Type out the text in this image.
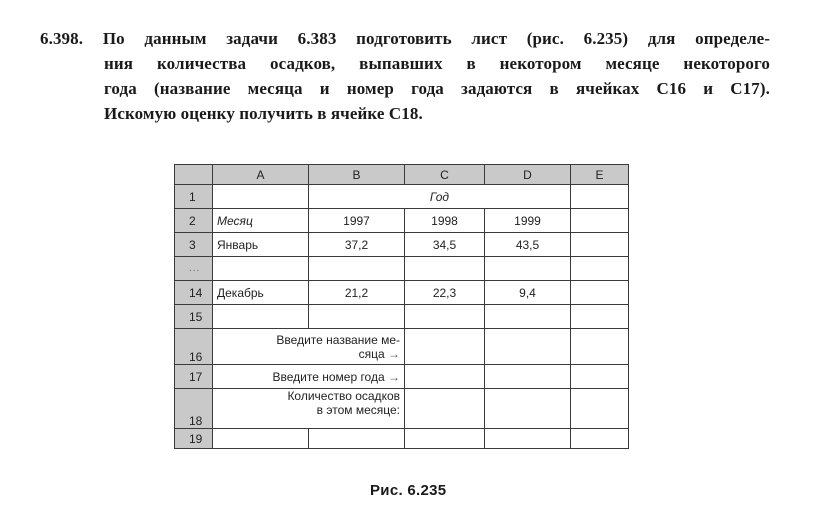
6.398. По данным задачи 6.383 подготовить лист (рис. 6.235) для определе-
ния количества осадков, выпавших в некотором месяце некоторого
года (название месяца и номер года задаются в ячейках C16 и C17).
Искомую оценку получить в ячейке C18.
	A	B	C	D	E
1		Год			
2	Месяц	1997	1998	1999	
3	Январь	37,2	34,5	43,5	
...					
14	Декабрь	21,2	22,3	9,4	
15					
16	Введите название ме-
сяца →				

17	Введите номер года →				
18	Количество осадков
в этом месяце:				

19					
Рис. 6.235
